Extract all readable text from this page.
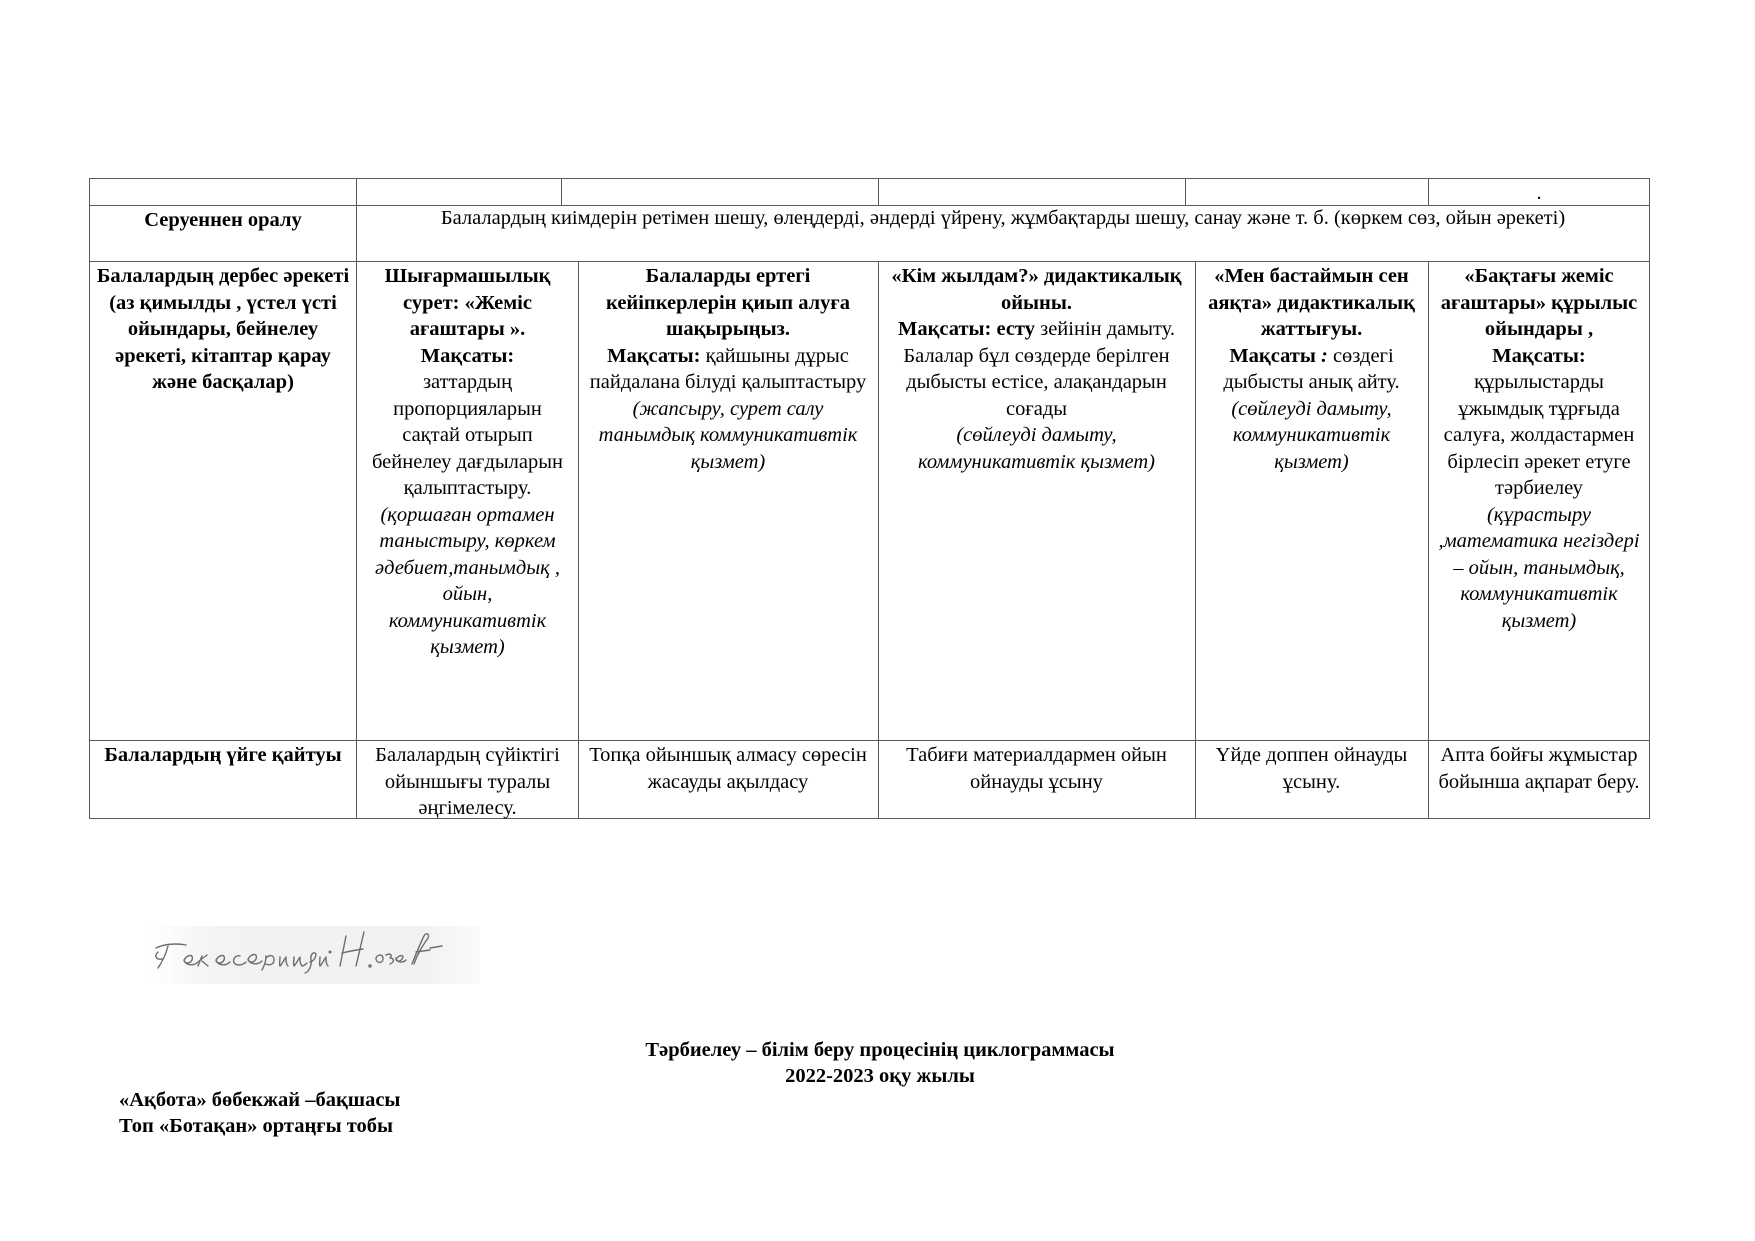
.
Серуеннен оралу	Балалардың киімдерін ретімен шешу, өлеңдерді, әндерді үйрену, жұмбақтарды шешу, санау және т. б. (көркем сөз, ойын әрекеті)
Балалардың дербес әрекеті (аз қимылды , үстел үсті ойындары, бейнелеу әрекеті, кітаптар қарау және басқалар)
Шығармашылық сурет: «Жеміс ағаштары ».
Мақсаты:
заттардың пропорцияларын сақтай отырып бейнелеу дағдыларын қалыптастыру.
(қоршаған ортамен таныстыру, көркем әдебиет,танымдық , ойын, коммуникативтік қызмет)
Балаларды ертегі кейіпкерлерін қиып алуға шақырыңыз.
Мақсаты: қайшыны дұрыс пайдалана білуді қалыптастыру
(жапсыру, сурет салу танымдық коммуникативтік қызмет)
«Кім жылдам?» дидактикалық ойыны.
Мақсаты: есту зейінін дамыту.
Балалар бұл сөздерде берілген дыбысты естісе, алақандарын соғады
(сөйлеуді дамыту, коммуникативтік қызмет)
«Мен бастаймын сен аяқта» дидактикалық жаттығуы.
Мақсаты : сөздегі дыбысты анық айту.
(сөйлеуді дамыту, коммуникативтік қызмет)
«Бақтағы жеміс ағаштары» құрылыс ойындары ,
Мақсаты:
құрылыстарды ұжымдық тұрғыда салуға, жолдастармен бірлесіп әрекет етуге тәрбиелеу
(құрастыру ,математика негіздері – ойын, танымдық, коммуникативтік қызмет)
Балалардың үйге қайтуы	Балалардың сүйіктігі ойыншығы туралы әңгімелесу.
Топқа ойыншық алмасу сөресін жасауды ақылдасу
Табиғи материалдармен ойын ойнауды ұсыну
Үйде доппен ойнауды ұсыну.
Апта бойғы жұмыстар бойынша ақпарат беру.
Тәрбиелеу – білім беру процесінің циклограммасы
2022-2023 оқу жылы
«Ақбота» бөбекжай –бақшасы
Топ «Ботақан» ортаңғы тобы
